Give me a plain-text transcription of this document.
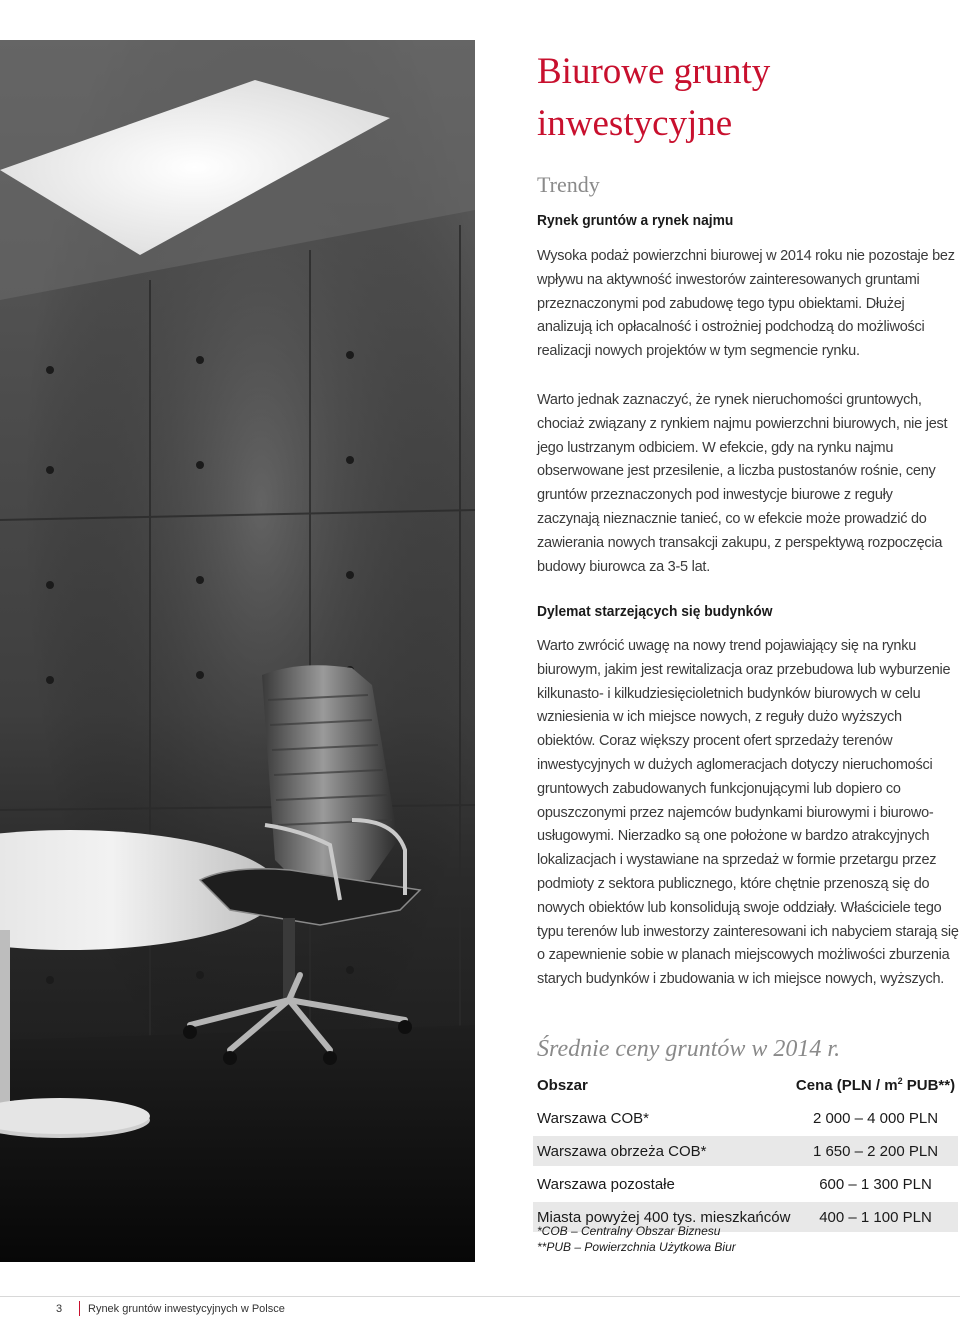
Biurowe grunty inwestycyjne
Trendy
Rynek gruntów a rynek najmu

Wysoka podaż powierzchni biurowej w 2014 roku nie pozostaje bez wpływu na aktywność inwestorów zainteresowanych gruntami przeznaczonymi pod zabudowę tego typu obiektami. Dłużej analizują ich opłacalność i ostrożniej podchodzą do możliwości realizacji nowych projektów w tym segmencie rynku.

Warto jednak zaznaczyć, że rynek nieruchomości gruntowych, chociaż związany z rynkiem najmu powierzchni biurowych, nie jest jego lustrzanym odbiciem. W efekcie, gdy na rynku najmu obserwowane jest przesilenie, a liczba pustostanów rośnie, ceny gruntów przeznaczonych pod inwestycje biurowe z reguły zaczynają nieznacznie tanieć, co w efekcie może prowadzić do zawierania nowych transakcji zakupu, z perspektywą rozpoczęcia budowy biurowca za 3-5 lat.

Dylemat starzejących się budynków

Warto zwrócić uwagę na nowy trend pojawiający się na rynku biurowym, jakim jest rewitalizacja oraz przebudowa lub wyburzenie kilkunasto- i kilkudziesięcioletnich budynków biurowych w celu wzniesienia w ich miejsce nowych, z reguły dużo wyższych obiektów. Coraz większy procent ofert sprzedaży terenów inwestycyjnych w dużych aglomeracjach dotyczy nieruchomości gruntowych zabudowanych funkcjonującymi lub dopiero co opuszczonymi przez najemców budynkami biurowymi i biurowo-usługowymi. Nierzadko są one położone w bardzo atrakcyjnych lokalizacjach i wystawiane na sprzedaż w formie przetargu przez podmioty z sektora publicznego, które chętnie przenoszą się do nowych obiektów lub konsolidują swoje oddziały. Właściciele tego typu terenów lub inwestorzy zainteresowani ich nabyciem starają się o zapewnienie sobie w planach miejscowych możliwości zburzenia starych budynków i zbudowania w ich miejsce nowych, wyższych.

Średnie ceny gruntów w 2014 r.
Obszar	Cena ($PLN / m^2$ PUB**)
Warszawa COB*	2 000 – 4 000 PLN
Warszawa obrzeża COB*	1 650 – 2 200 PLN
Warszawa pozostałe	600 – 1 300 PLN
Miasta powyżej 400 tys. mieszkańców	400 – 1 100 PLN

*COB – Centralny Obszar Biznesu

**PUB – Powierzchnia Użytkowa Biur

3 Rynek gruntów inwestycyjnych w Polsce
